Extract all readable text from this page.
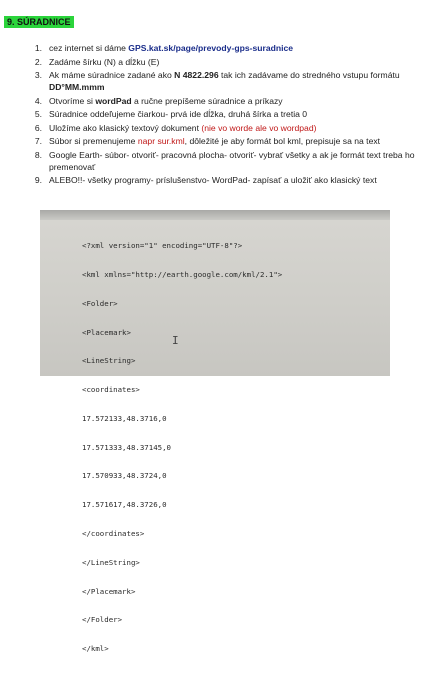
9. SÚRADNICE
1. cez internet si dáme GPS.kat.sk/page/prevody-gps-suradnice
2. Zadáme šírku (N) a dĺžku (E)
3. Ak máme súradnice zadané ako N 4822.296 tak ich zadávame do stredného vstupu formátu DD°MM.mmm
4. Otvoríme si wordPad a ručne prepíšeme súradnice a príkazy
5. Súradnice oddeľujeme čiarkou- prvá ide dĺžka, druhá šírka a tretia 0
6. Uložíme ako klasický textový dokument (nie vo worde ale vo wordpad)
7. Súbor si premenujeme napr sur.kml, dôležité je aby formát bol kml, prepisuje sa na text
8. Google Earth- súbor- otvoriť- pracovná plocha- otvoriť- vybrať všetky a ak je formát text treba ho premenovať
9. ALEBO!!- všetky programy- príslušenstvo- WordPad- zapísať a uložiť ako klasický text

<?xml version="1" encoding="UTF-8"?>

<kml xmlns="http://earth.google.com/kml/2.1">

<Folder>

<Placemark>

<LineString>

<coordinates>

17.572133,48.3716,0

17.571333,48.37145,0

17.570933,48.3724,0

17.571617,48.3726,0

</coordinates>

</LineString>

</Placemark>

</Folder>

</kml>

I
